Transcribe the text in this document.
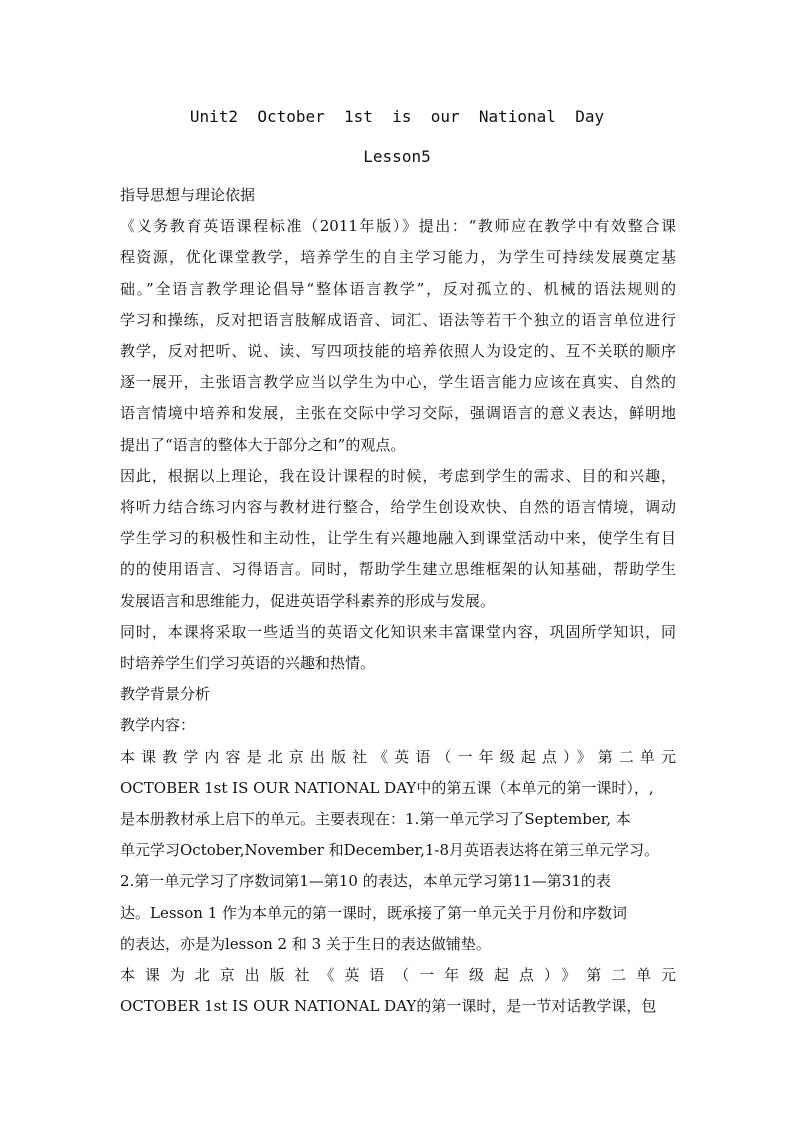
Unit2  October  1st  is  our  National  Day
Lesson5

指导思想与理论依据

《义务教育英语课程标准（2011年版）》提出：“教师应在教学中有效整合课

程资源，优化课堂教学，培养学生的自主学习能力，为学生可持续发展奠定基

础。”全语言教学理论倡导“整体语言教学”，反对孤立的、机械的语法规则的

学习和操练，反对把语言肢解成语音、词汇、语法等若干个独立的语言单位进行

教学，反对把听、说、读、写四项技能的培养依照人为设定的、互不关联的顺序

逐一展开，主张语言教学应当以学生为中心，学生语言能力应该在真实、自然的

语言情境中培养和发展，主张在交际中学习交际，强调语言的意义表达，鲜明地

提出了“语言的整体大于部分之和”的观点。

因此，根据以上理论，我在设计课程的时候，考虑到学生的需求、目的和兴趣，

将听力结合练习内容与教材进行整合，给学生创设欢快、自然的语言情境，调动

学生学习的积极性和主动性，让学生有兴趣地融入到课堂活动中来，使学生有目

的的使用语言、习得语言。同时，帮助学生建立思维框架的认知基础，帮助学生

发展语言和思维能力，促进英语学科素养的形成与发展。

同时，本课将采取一些适当的英语文化知识来丰富课堂内容，巩固所学知识，同

时培养学生们学习英语的兴趣和热情。

教学背景分析

教学内容：

本课教学内容是北京出版社《英语（一年级起点）》第二单元

OCTOBER 1st IS OUR NATIONAL DAY中的第五课（本单元的第一课时），,

是本册教材承上启下的单元。主要表现在：1.第一单元学习了September, 本

单元学习October,November 和December,1-8月英语表达将在第三单元学习。

2.第一单元学习了序数词第1—第10 的表达，本单元学习第11—第31的表

达。Lesson 1 作为本单元的第一课时，既承接了第一单元关于月份和序数词

的表达，亦是为lesson 2 和 3 关于生日的表达做铺垫。

本课为北京出版社《英语（一年级起点）》第二单元

OCTOBER 1st IS OUR NATIONAL DAY的第一课时，是一节对话教学课，包
